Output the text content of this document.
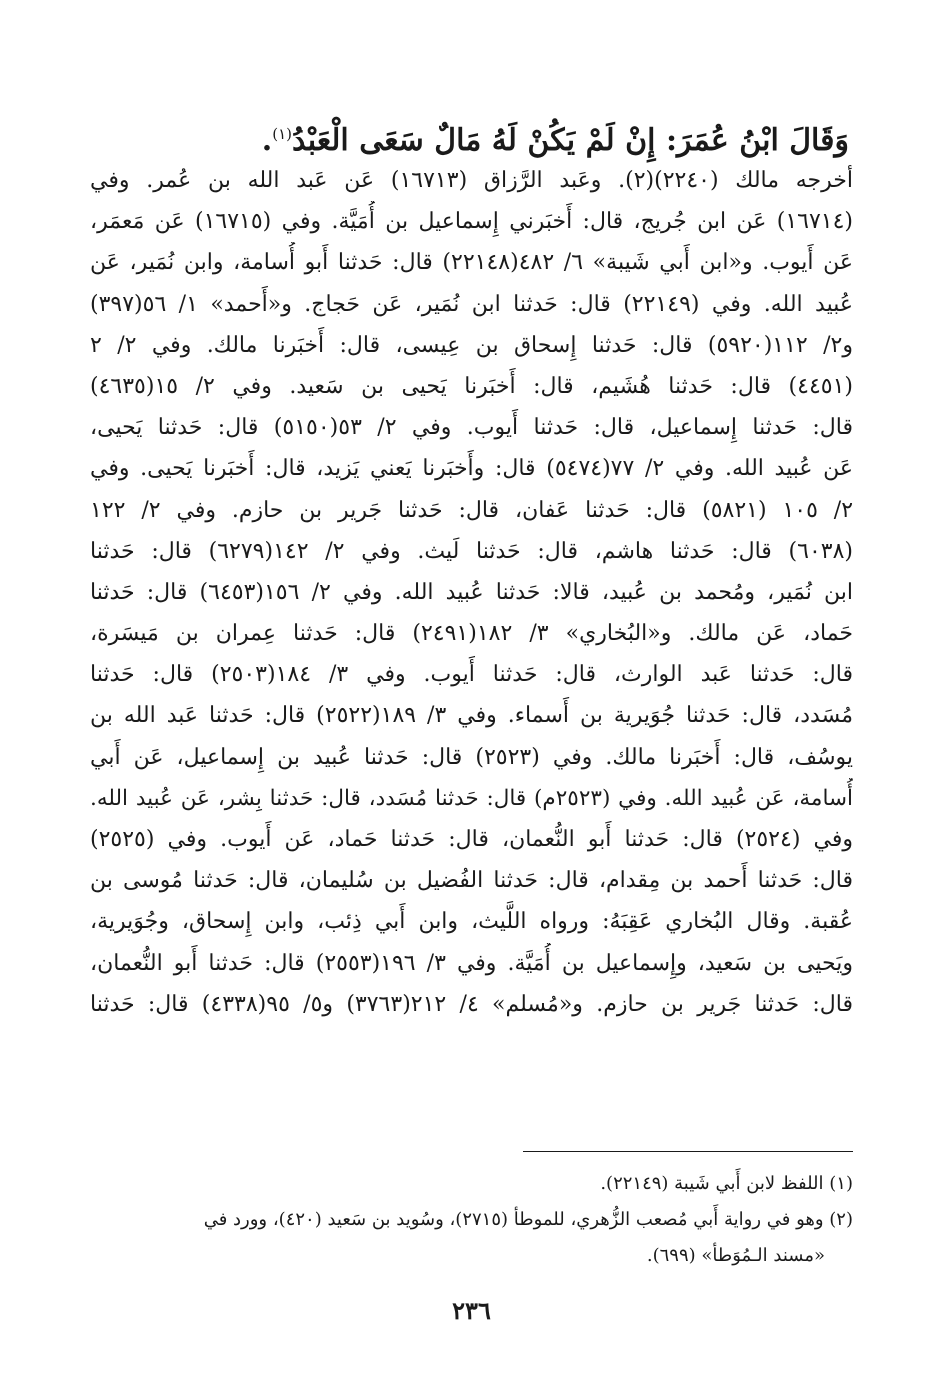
وَقَالَ ابْنُ عُمَرَ: إِنْ لَمْ يَكُنْ لَهُ مَالٌ سَعَى الْعَبْدُ$^{(١)}$.
أخرجه مالك (٢٢٤٠)(٢). وعَبد الرَّزاق (١٦٧١٣) عَن عَبد الله بن عُمر. وفي
(١٦٧١٤) عَن ابن جُريج، قال: أَخبَرني إِسماعيل بن أُمَيَّة. وفي (١٦٧١٥) عَن مَعمَر،
عَن أَيوب. و«ابن أَبي شَيبة» ٦/ ٤٨٢(٢٢١٤٨) قال: حَدثنا أَبو أُسامة، وابن نُمَير، عَن
عُبيد الله. وفي (٢٢١٤٩) قال: حَدثنا ابن نُمَير، عَن حَجاج. و«أَحمد» ١/ ٥٦(٣٩٧)
و٢/ ١١٢(٥٩٢٠) قال: حَدثنا إِسحاق بن عِيسى، قال: أَخبَرنا مالك. وفي ٢/ ٢
(٤٤٥١) قال: حَدثنا هُشَيم، قال: أَخبَرنا يَحيى بن سَعيد. وفي ٢/ ١٥(٤٦٣٥)
قال: حَدثنا إِسماعيل، قال: حَدثنا أَيوب. وفي ٢/ ٥٣(٥١٥٠) قال: حَدثنا يَحيى،
عَن عُبيد الله. وفي ٢/ ٧٧(٥٤٧٤) قال: وأَخبَرنا يَعني يَزيد، قال: أَخبَرنا يَحيى. وفي
٢/ ١٠٥ (٥٨٢١) قال: حَدثنا عَفان، قال: حَدثنا جَرير بن حازم. وفي ٢/ ١٢٢
(٦٠٣٨) قال: حَدثنا هاشم، قال: حَدثنا لَيث. وفي ٢/ ١٤٢(٦٢٧٩) قال: حَدثنا
ابن نُمَير، ومُحمد بن عُبيد، قالا: حَدثنا عُبيد الله. وفي ٢/ ١٥٦(٦٤٥٣) قال: حَدثنا
حَماد، عَن مالك. و«البُخاري» ٣/ ١٨٢(٢٤٩١) قال: حَدثنا عِمران بن مَيسَرة،
قال: حَدثنا عَبد الوارث، قال: حَدثنا أَيوب. وفي ٣/ ١٨٤(٢٥٠٣) قال: حَدثنا
مُسَدد، قال: حَدثنا جُوَيرية بن أَسماء. وفي ٣/ ١٨٩(٢٥٢٢) قال: حَدثنا عَبد الله بن
يوسُف، قال: أَخبَرنا مالك. وفي (٢٥٢٣) قال: حَدثنا عُبيد بن إِسماعيل، عَن أَبي
أُسامة، عَن عُبيد الله. وفي (٢٥٢٣م) قال: حَدثنا مُسَدد، قال: حَدثنا بِشر، عَن عُبيد الله.
وفي (٢٥٢٤) قال: حَدثنا أَبو النُّعمان، قال: حَدثنا حَماد، عَن أَيوب. وفي (٢٥٢٥)
قال: حَدثنا أَحمد بن مِقدام، قال: حَدثنا الفُضيل بن سُليمان، قال: حَدثنا مُوسى بن
عُقبة. وقال البُخاري عَقِبَهُ: ورواه اللَّيث، وابن أَبي ذِئب، وابن إِسحاق، وجُوَيرية،
ويَحيى بن سَعيد، وإِسماعيل بن أُمَيَّة. وفي ٣/ ١٩٦(٢٥٥٣) قال: حَدثنا أَبو النُّعمان،
قال: حَدثنا جَرير بن حازم. و«مُسلم» ٤/ ٢١٢(٣٧٦٣) و٥/ ٩٥(٤٣٣٨) قال: حَدثنا
(١) اللفظ لابن أَبي شَيبة (٢٢١٤٩).
(٢) وهو في رواية أَبي مُصعب الزُّهري، للموطأ (٢٧١٥)، وسُويد بن سَعيد (٤٢٠)، وورد في
«مسند الـمُوَطأ» (٦٩٩).
٢٣٦
